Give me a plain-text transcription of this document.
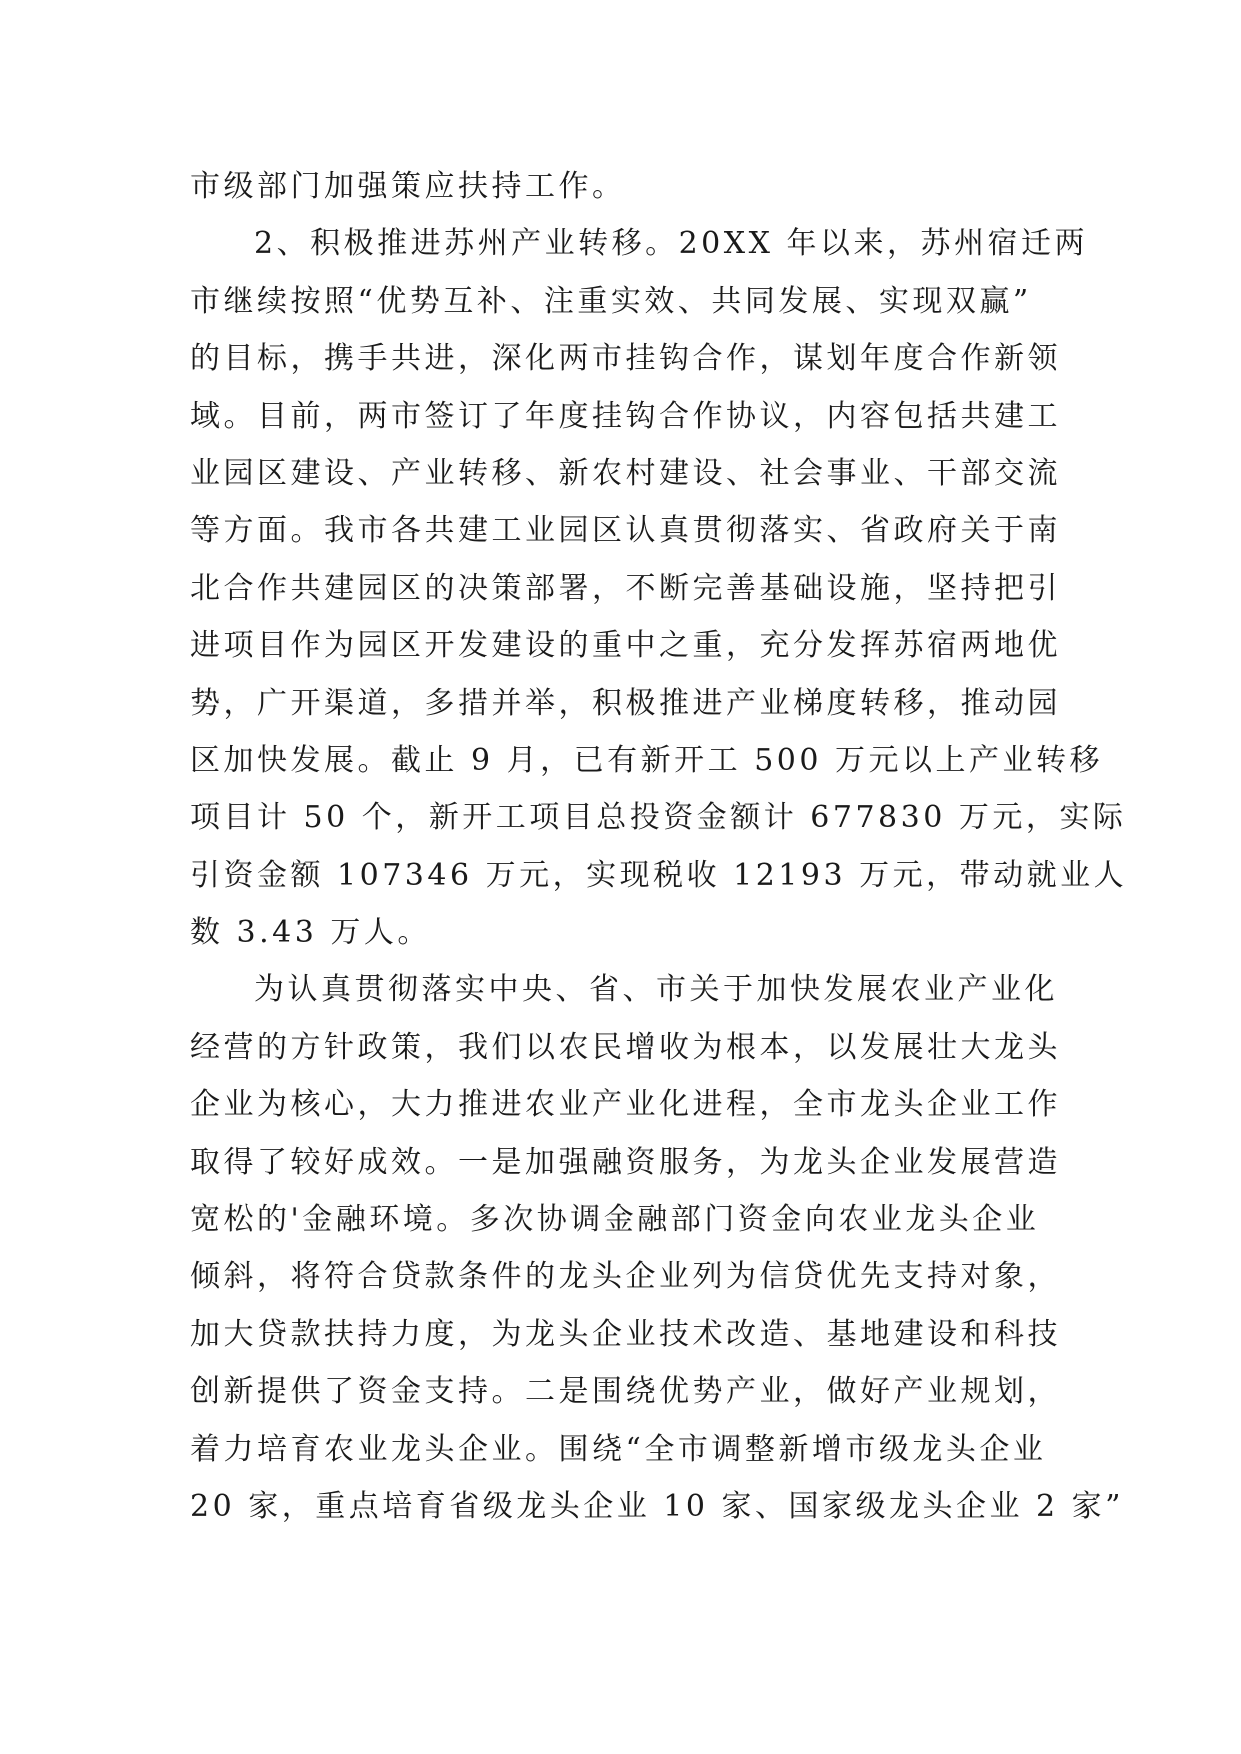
市级部门加强策应扶持工作。
2、积极推进苏州产业转移。20XX 年以来，苏州宿迁两
市继续按照“优势互补、注重实效、共同发展、实现双赢”
的目标，携手共进，深化两市挂钩合作，谋划年度合作新领
域。目前，两市签订了年度挂钩合作协议，内容包括共建工
业园区建设、产业转移、新农村建设、社会事业、干部交流
等方面。我市各共建工业园区认真贯彻落实、省政府关于南
北合作共建园区的决策部署，不断完善基础设施，坚持把引
进项目作为园区开发建设的重中之重，充分发挥苏宿两地优
势，广开渠道，多措并举，积极推进产业梯度转移，推动园
区加快发展。截止 9 月，已有新开工 500 万元以上产业转移
项目计 50 个，新开工项目总投资金额计 677830 万元，实际
引资金额 107346 万元，实现税收 12193 万元，带动就业人
数 3.43 万人。
为认真贯彻落实中央、省、市关于加快发展农业产业化
经营的方针政策，我们以农民增收为根本，以发展壮大龙头
企业为核心，大力推进农业产业化进程，全市龙头企业工作
取得了较好成效。一是加强融资服务，为龙头企业发展营造
宽松的'金融环境。多次协调金融部门资金向农业龙头企业
倾斜，将符合贷款条件的龙头企业列为信贷优先支持对象，
加大贷款扶持力度，为龙头企业技术改造、基地建设和科技
创新提供了资金支持。二是围绕优势产业，做好产业规划，
着力培育农业龙头企业。围绕“全市调整新增市级龙头企业
20 家，重点培育省级龙头企业 10 家、国家级龙头企业 2 家”
